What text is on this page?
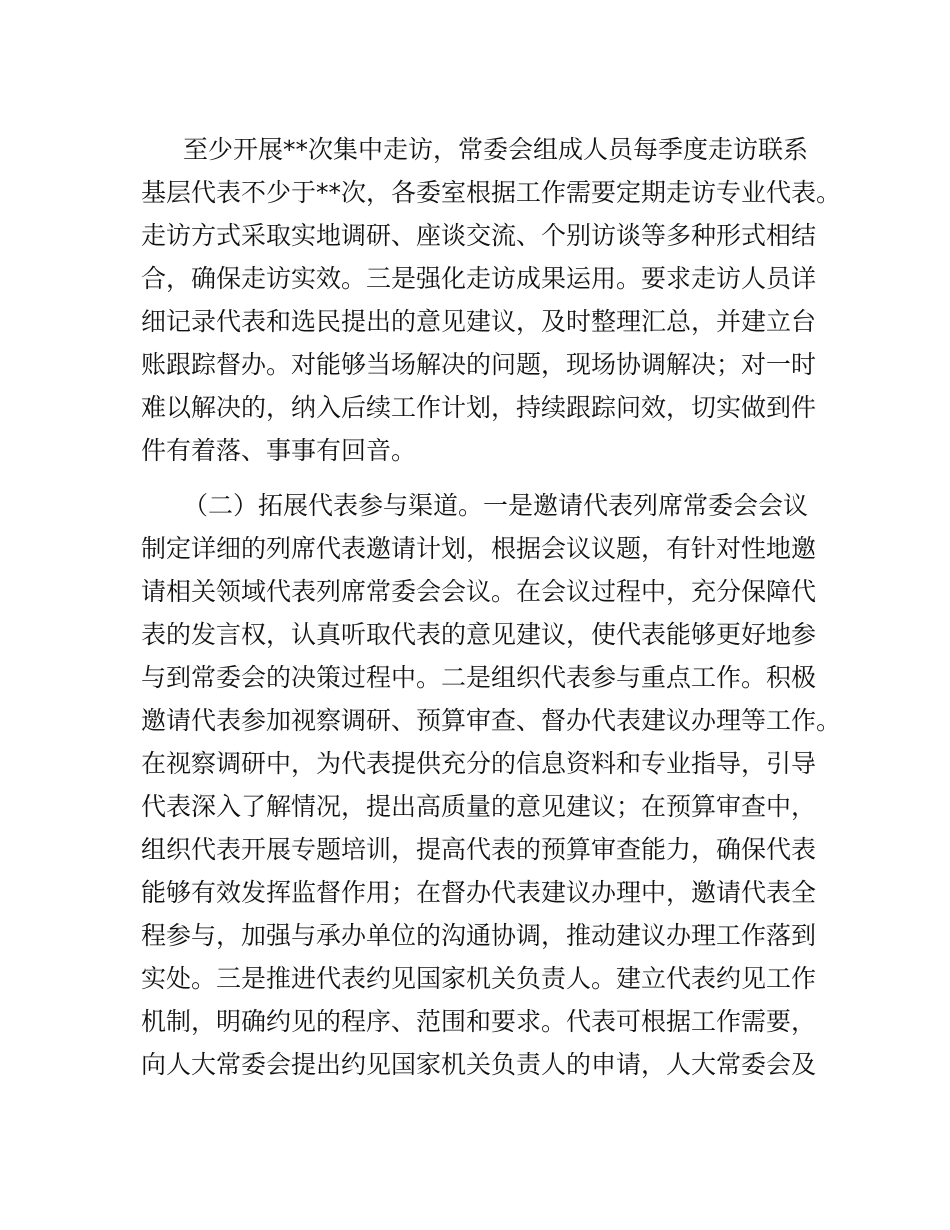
至少开展**次集中走访，常委会组成人员每季度走访联系
基层代表不少于**次，各委室根据工作需要定期走访专业代表。
走访方式采取实地调研、座谈交流、个别访谈等多种形式相结
合，确保走访实效。三是强化走访成果运用。要求走访人员详
细记录代表和选民提出的意见建议，及时整理汇总，并建立台
账跟踪督办。对能够当场解决的问题，现场协调解决；对一时
难以解决的，纳入后续工作计划，持续跟踪问效，切实做到件
件有着落、事事有回音。
（二）拓展代表参与渠道。一是邀请代表列席常委会会议
制定详细的列席代表邀请计划，根据会议议题，有针对性地邀
请相关领域代表列席常委会会议。在会议过程中，充分保障代
表的发言权，认真听取代表的意见建议，使代表能够更好地参
与到常委会的决策过程中。二是组织代表参与重点工作。积极
邀请代表参加视察调研、预算审查、督办代表建议办理等工作。
在视察调研中，为代表提供充分的信息资料和专业指导，引导
代表深入了解情况，提出高质量的意见建议；在预算审查中，
组织代表开展专题培训，提高代表的预算审查能力，确保代表
能够有效发挥监督作用；在督办代表建议办理中，邀请代表全
程参与，加强与承办单位的沟通协调，推动建议办理工作落到
实处。三是推进代表约见国家机关负责人。建立代表约见工作
机制，明确约见的程序、范围和要求。代表可根据工作需要，
向人大常委会提出约见国家机关负责人的申请，人大常委会及
